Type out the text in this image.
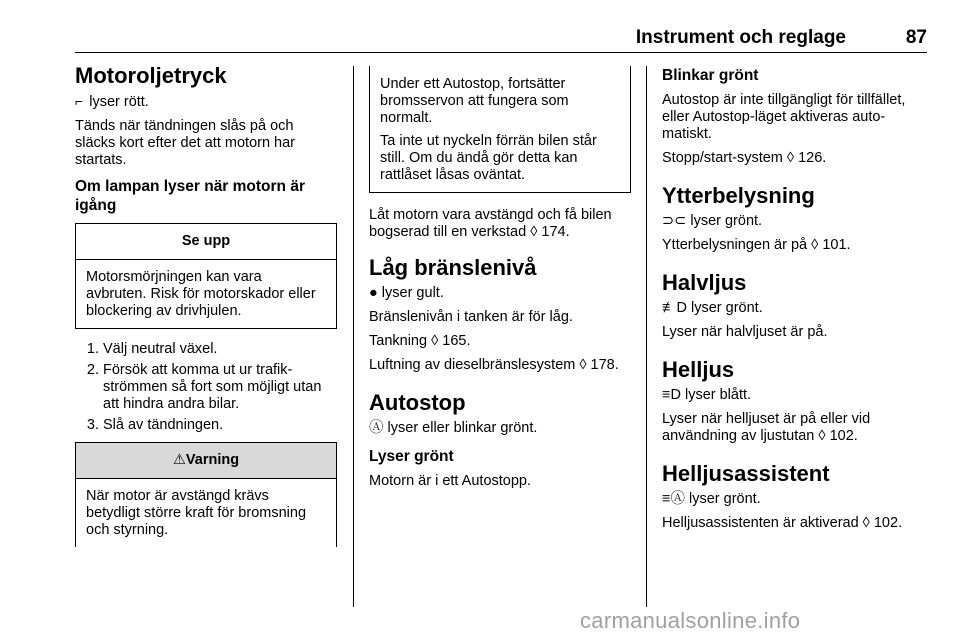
Instrument och reglage	87
Motoroljetryck

⌐ lyser rött.

Tänds när tändningen slås på och släcks kort efter det att motorn har startats.

Om lampan lyser när motorn är igång
Se upp

Motorsmörjningen kan vara avbruten. Risk för motorskador eller blockering av drivhjulen.

1. Välj neutral växel.
2. Försök att komma ut ur trafik-strömmen så fort som möjligt utan att hindra andra bilar.
3. Slå av tändningen.
⚠Varning

När motor är avstängd krävs betydligt större kraft för bromsning och styrning.

Under ett Autostop, fortsätter bromsservon att fungera som normalt.

Ta inte ut nyckeln förrän bilen står still. Om du ändå gör detta kan rattlåset låsas oväntat.

Låt motorn vara avstängd och få bilen bogserad till en verkstad ◊ 174.

Låg bränslenivå

● lyser gult.

Bränslenivån i tanken är för låg.

Tankning ◊ 165.

Luftning av dieselbränslesystem ◊ 178.

Autostop

Ⓐ lyser eller blinkar grönt.

Lyser grönt

Motorn är i ett Autostopp.

Blinkar grönt

Autostop är inte tillgängligt för tillfället, eller Autostop-läget aktiveras auto-matiskt.

Stopp/start-system ◊ 126.

Ytterbelysning

⊃⊂ lyser grönt.

Ytterbelysningen är på ◊ 101.

Halvljus

≢D lyser grönt.

Lyser när halvljuset är på.

Helljus

≡D lyser blått.

Lyser när helljuset är på eller vid användning av ljustutan ◊ 102.

Helljusassistent

≡Ⓐ lyser grönt.

Helljusassistenten är aktiverad ◊ 102.

carmanualsonline.info
